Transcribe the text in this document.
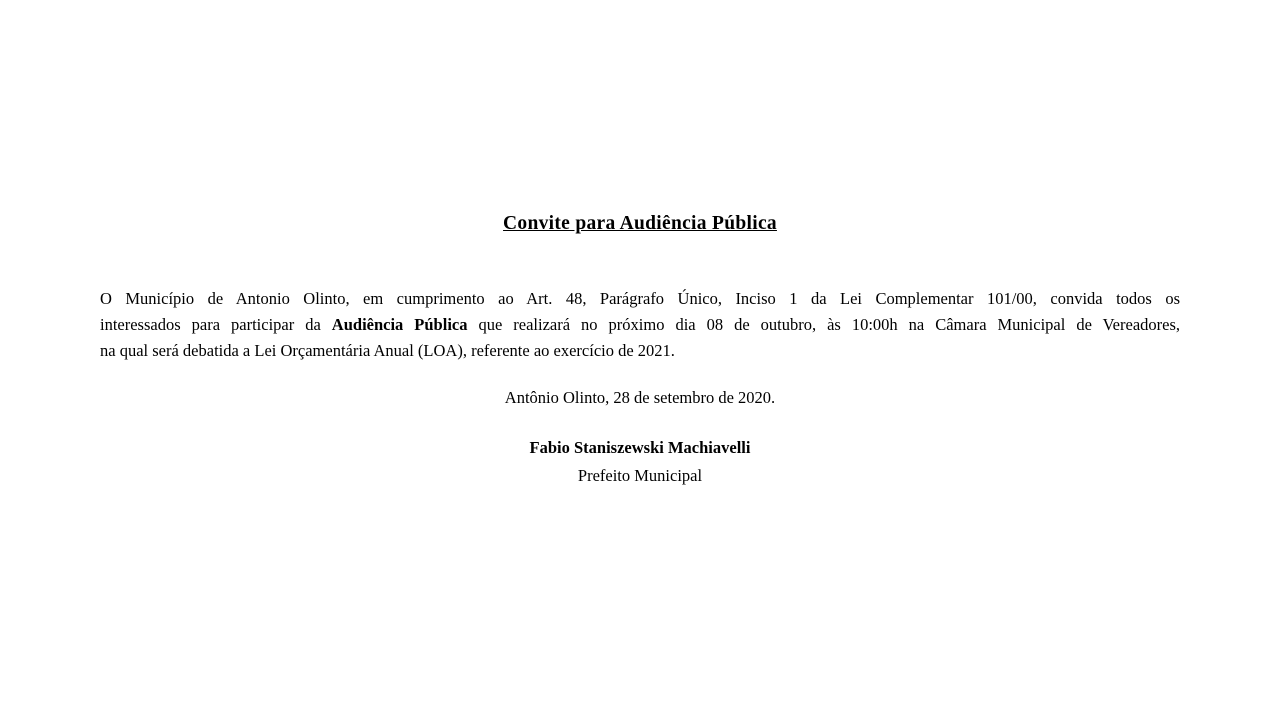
Convite para Audiência Pública
O Município de Antonio Olinto, em cumprimento ao Art. 48, Parágrafo Único, Inciso 1 da Lei Complementar 101/00, convida todos os
interessados para participar da Audiência Pública que realizará no próximo dia 08 de outubro, às 10:00h na Câmara Municipal de Vereadores,
na qual será debatida a Lei Orçamentária Anual (LOA), referente ao exercício de 2021.
Antônio Olinto, 28 de setembro de 2020.
Fabio Staniszewski Machiavelli
Prefeito Municipal
